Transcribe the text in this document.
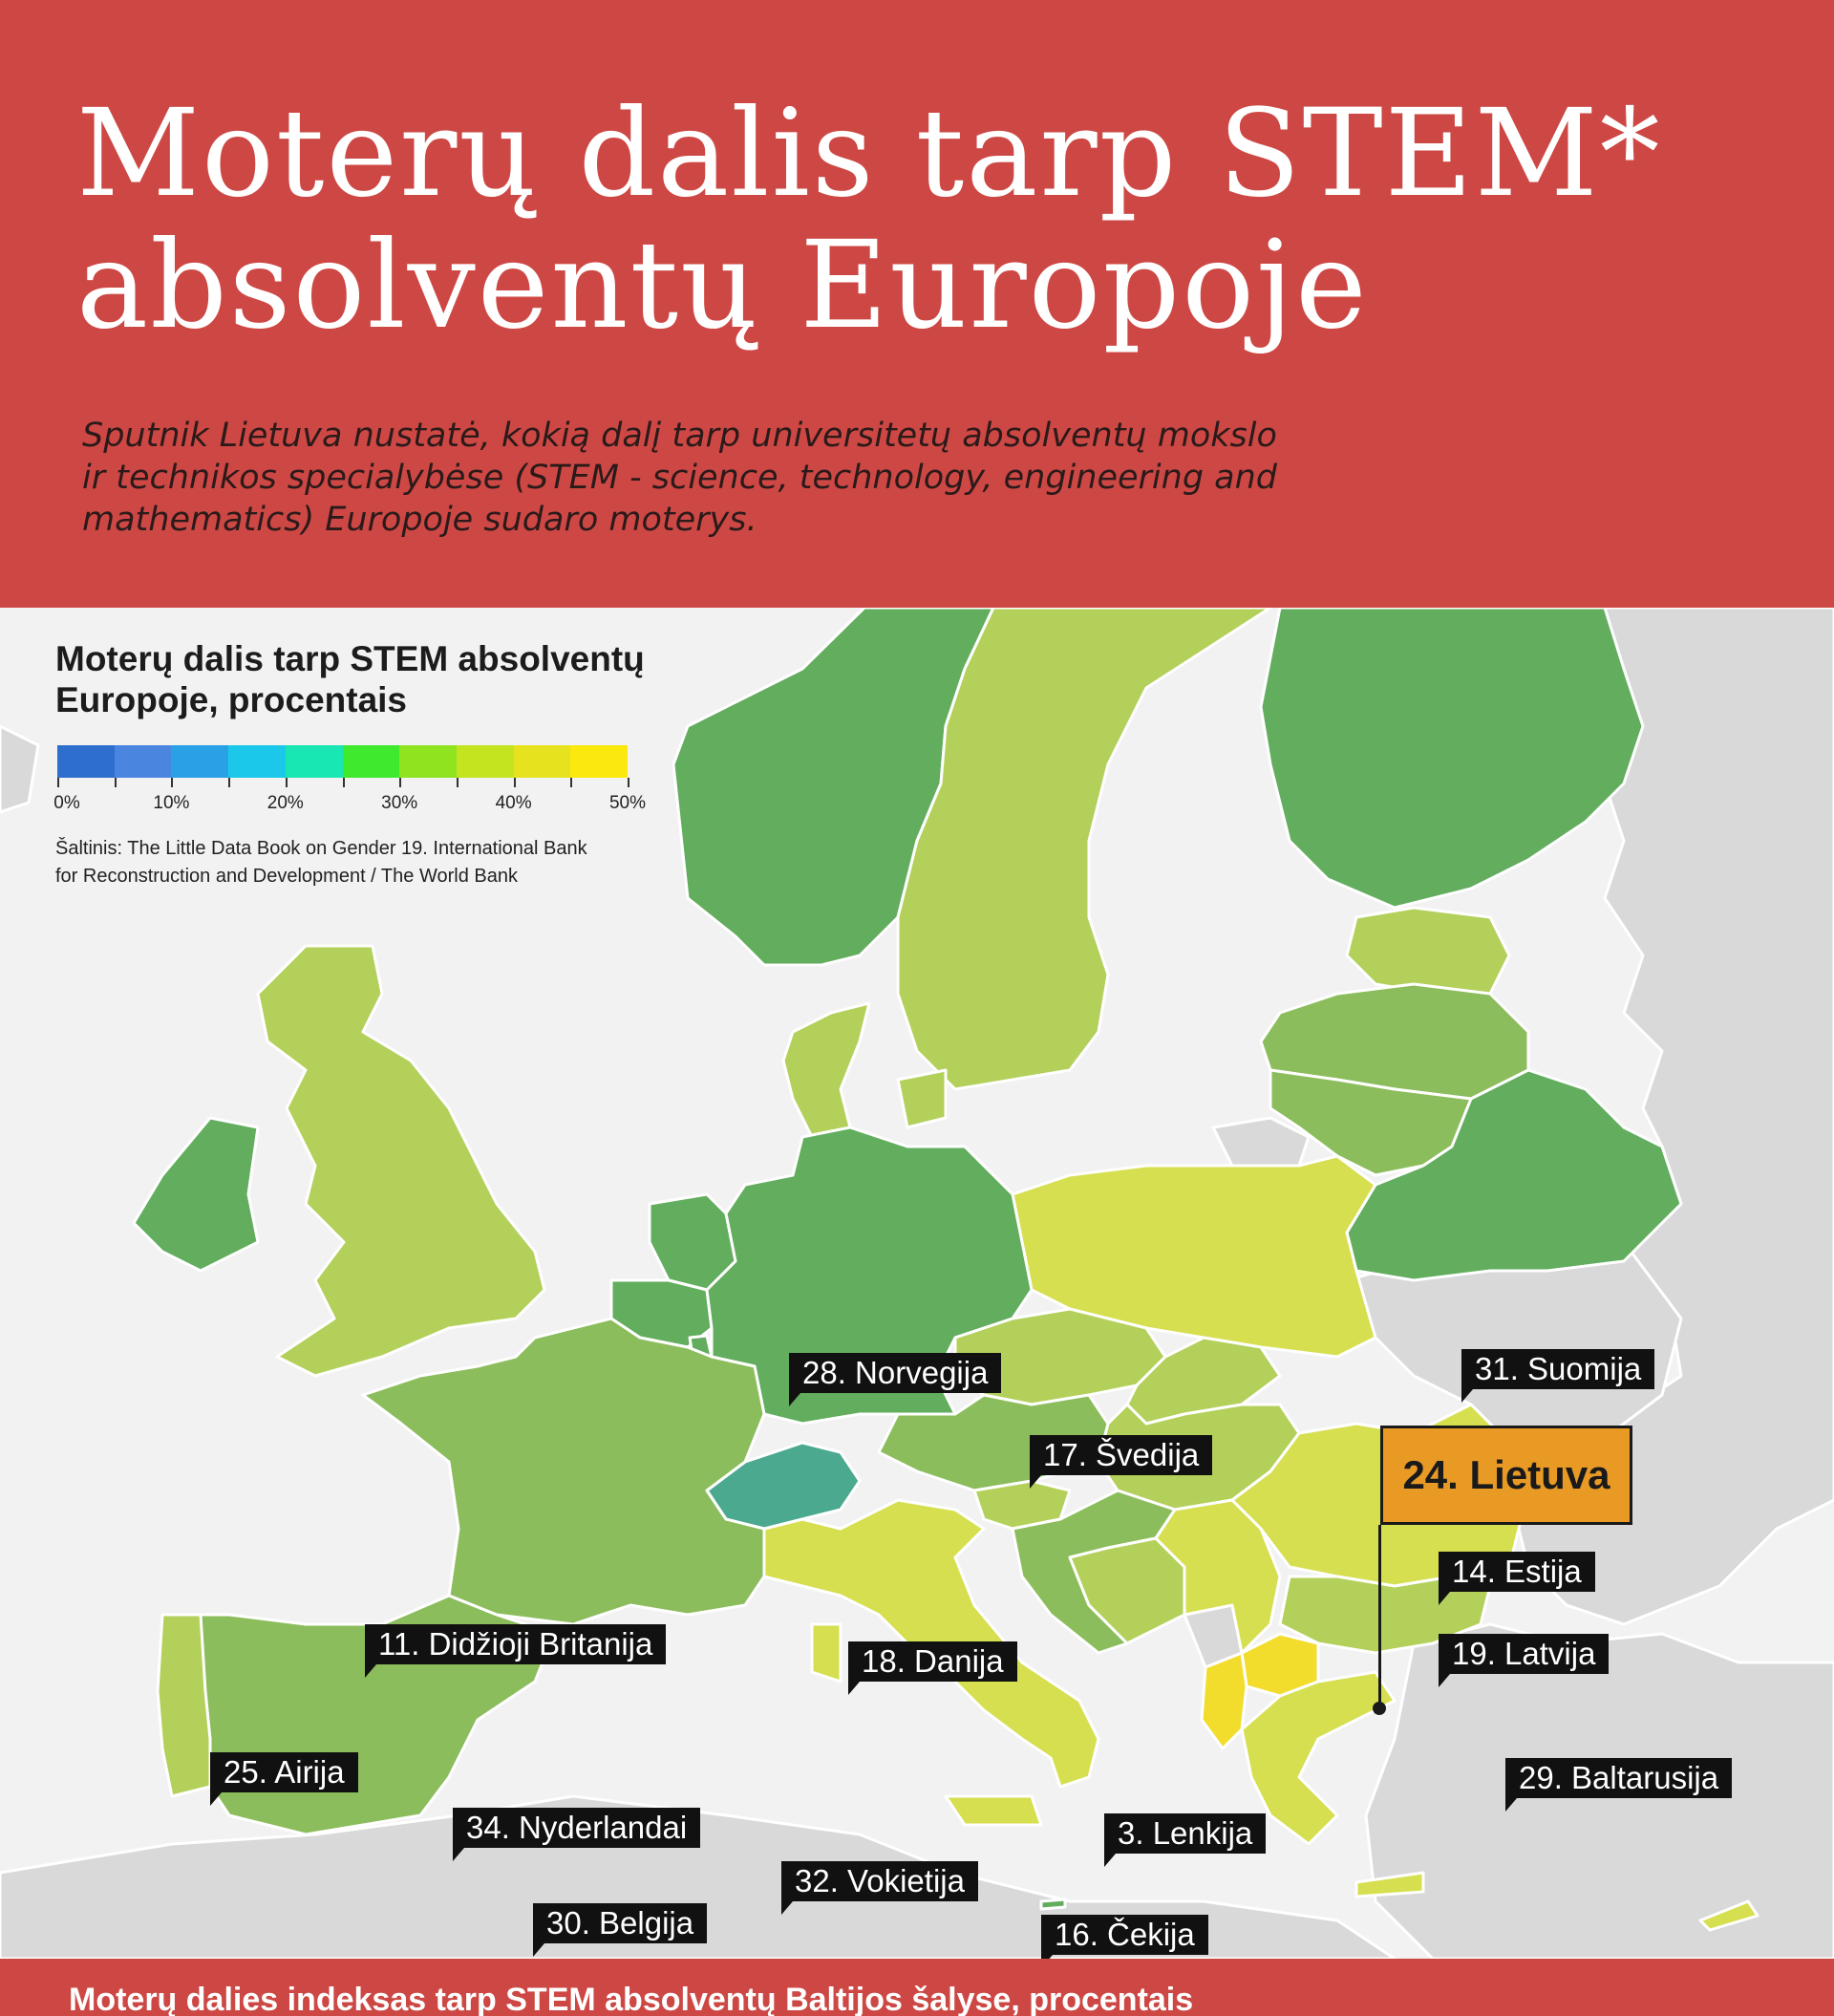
Moterų dalis tarp STEM*
absolventų Europoje

Sputnik Lietuva nustatė, kokią dalį tarp universitetų absolventų mokslo ir technikos specialybėse (STEM - science, technology, engineering and mathematics) Europoje sudaro moterys.

28. Norvegija
17. Švedija
31. Suomija
14. Estija
19. Latvija
29. Baltarusija
11. Didžioji Britanija	18. Danija
25. Airija
34. Nyderlandai	3. Lenkija
32. Vokietija
30. Belgija	16. Čekija
24. Lietuva
Moterų dalis tarp STEM absolventų
Europoje, procentais
0%	10%	20%	30%	40%	50%

Šaltinis: The Little Data Book on Gender 19. International Bank
for Reconstruction and Development / The World Bank

Moterų dalies indeksas tarp STEM absolventų Baltijos šalyse, procentais
